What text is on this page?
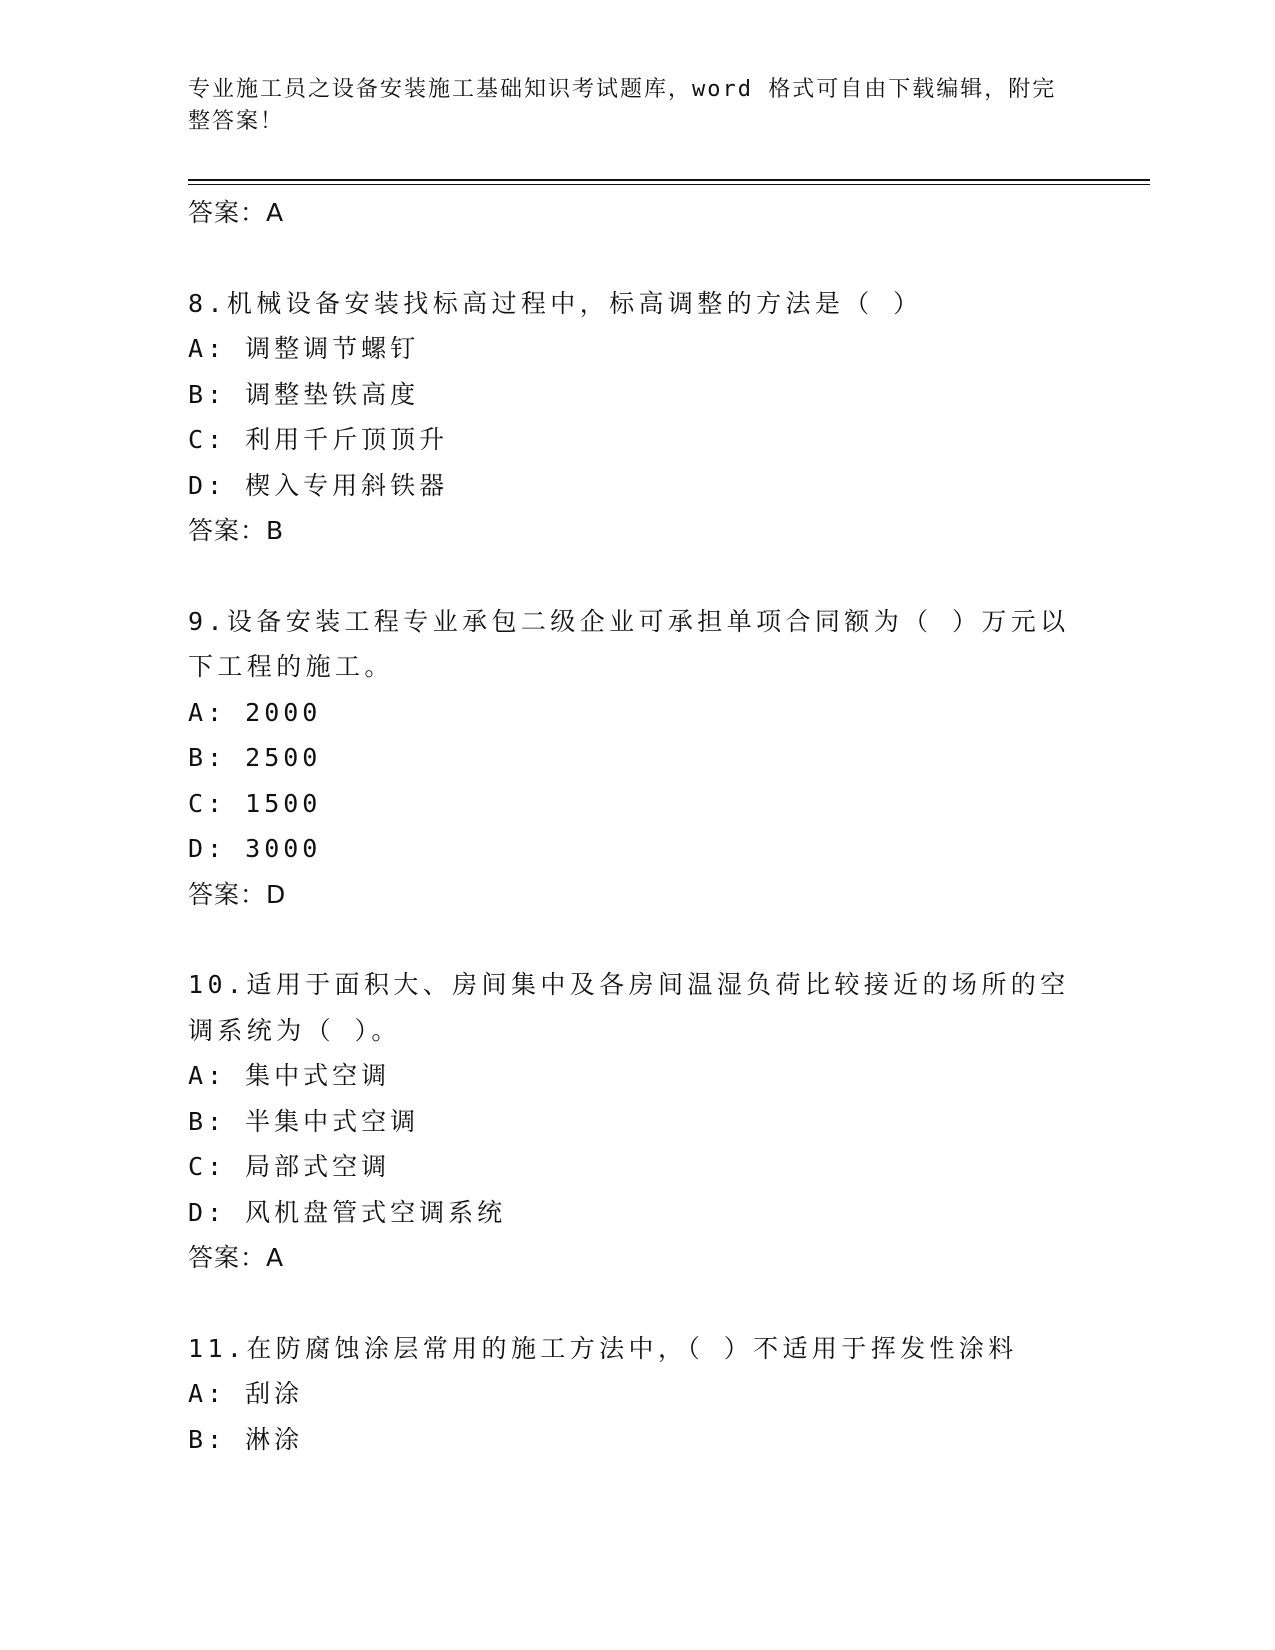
专业施工员之设备安装施工基础知识考试题库，word 格式可自由下载编辑，附完整答案！
答案：A
8.机械设备安装找标高过程中，标高调整的方法是（ ）
A: 调整调节螺钉
B: 调整垫铁高度
C: 利用千斤顶顶升
D: 楔入专用斜铁器
答案：B
9.设备安装工程专业承包二级企业可承担单项合同额为（ ）万元以下工程的施工。
A: 2000
B: 2500
C: 1500
D: 3000
答案：D
10.适用于面积大、房间集中及各房间温湿负荷比较接近的场所的空调系统为（ ）。
A: 集中式空调
B: 半集中式空调
C: 局部式空调
D: 风机盘管式空调系统
答案：A
11.在防腐蚀涂层常用的施工方法中，（ ）不适用于挥发性涂料
A: 刮涂
B: 淋涂
